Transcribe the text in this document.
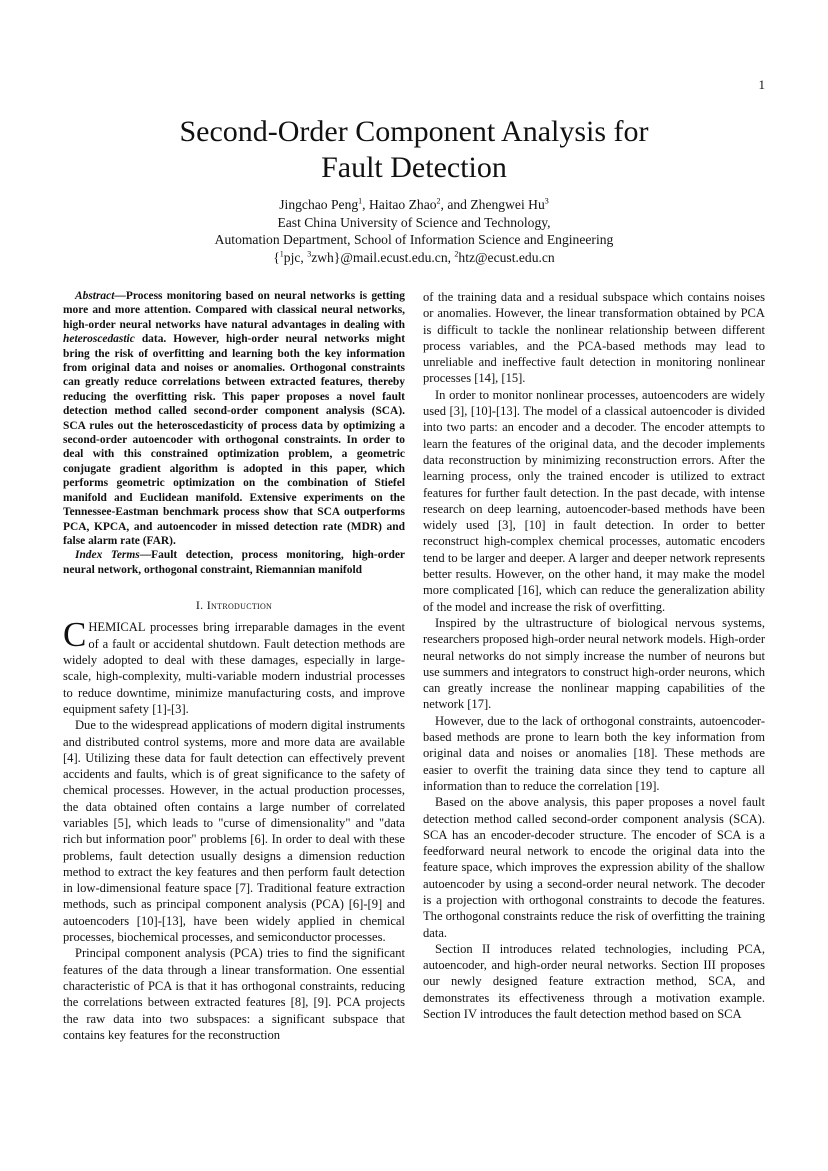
1
Second-Order Component Analysis for
Fault Detection
Jingchao Peng$^1$, Haitao Zhao$^2$, and Zhengwei Hu$^3$
East China University of Science and Technology,
Automation Department, School of Information Science and Engineering
{$^1$pjc, $^3$zwh}@mail.ecust.edu.cn, $^2$htz@ecust.edu.cn

Abstract—Process monitoring based on neural networks is getting more and more attention. Compared with classical neural networks, high-order neural networks have natural advantages in dealing with heteroscedastic data. However, high-order neural networks might bring the risk of overfitting and learning both the key information from original data and noises or anomalies. Orthogonal constraints can greatly reduce correlations between extracted features, thereby reducing the overfitting risk. This paper proposes a novel fault detection method called second-order component analysis (SCA). SCA rules out the heteroscedasticity of process data by optimizing a second-order autoencoder with orthogonal constraints. In order to deal with this constrained optimization problem, a geometric conjugate gradient algorithm is adopted in this paper, which performs geometric optimization on the combination of Stiefel manifold and Euclidean manifold. Extensive experiments on the Tennessee-Eastman benchmark process show that SCA outperforms PCA, KPCA, and autoencoder in missed detection rate (MDR) and false alarm rate (FAR).

Index Terms—Fault detection, process monitoring, high-order neural network, orthogonal constraint, Riemannian manifold

I. Introduction

CHEMICAL processes bring irreparable damages in the event of a fault or accidental shutdown. Fault detection methods are widely adopted to deal with these damages, especially in large-scale, high-complexity, multi-variable modern industrial processes to reduce downtime, minimize manufacturing costs, and improve equipment safety [1]-[3].

Due to the widespread applications of modern digital instruments and distributed control systems, more and more data are available [4]. Utilizing these data for fault detection can effectively prevent accidents and faults, which is of great significance to the safety of chemical processes. However, in the actual production processes, the data obtained often contains a large number of correlated variables [5], which leads to "curse of dimensionality" and "data rich but information poor" problems [6]. In order to deal with these problems, fault detection usually designs a dimension reduction method to extract the key features and then perform fault detection in low-dimensional feature space [7]. Traditional feature extraction methods, such as principal component analysis (PCA) [6]-[9] and autoencoders [10]-[13], have been widely applied in chemical processes, biochemical processes, and semiconductor processes.

Principal component analysis (PCA) tries to find the significant features of the data through a linear transformation. One essential characteristic of PCA is that it has orthogonal constraints, reducing the correlations between extracted features [8], [9]. PCA projects the raw data into two subspaces: a significant subspace that contains key features for the reconstruction

of the training data and a residual subspace which contains noises or anomalies. However, the linear transformation obtained by PCA is difficult to tackle the nonlinear relationship between different process variables, and the PCA-based methods may lead to unreliable and ineffective fault detection in monitoring nonlinear processes [14], [15].

In order to monitor nonlinear processes, autoencoders are widely used [3], [10]-[13]. The model of a classical autoencoder is divided into two parts: an encoder and a decoder. The encoder attempts to learn the features of the original data, and the decoder implements data reconstruction by minimizing reconstruction errors. After the learning process, only the trained encoder is utilized to extract features for further fault detection. In the past decade, with intense research on deep learning, autoencoder-based methods have been widely used [3], [10] in fault detection. In order to better reconstruct high-complex chemical processes, automatic encoders tend to be larger and deeper. A larger and deeper network represents better results. However, on the other hand, it may make the model more complicated [16], which can reduce the generalization ability of the model and increase the risk of overfitting.

Inspired by the ultrastructure of biological nervous systems, researchers proposed high-order neural network models. High-order neural networks do not simply increase the number of neurons but use summers and integrators to construct high-order neurons, which can greatly increase the nonlinear mapping capabilities of the network [17].

However, due to the lack of orthogonal constraints, autoencoder-based methods are prone to learn both the key information from original data and noises or anomalies [18]. These methods are easier to overfit the training data since they tend to capture all information than to reduce the correlation [19].

Based on the above analysis, this paper proposes a novel fault detection method called second-order component analysis (SCA). SCA has an encoder-decoder structure. The encoder of SCA is a feedforward neural network to encode the original data into the feature space, which improves the expression ability of the shallow autoencoder by using a second-order neural network. The decoder is a projection with orthogonal constraints to decode the features. The orthogonal constraints reduce the risk of overfitting the training data.

Section II introduces related technologies, including PCA, autoencoder, and high-order neural networks. Section III proposes our newly designed feature extraction method, SCA, and demonstrates its effectiveness through a motivation example. Section IV introduces the fault detection method based on SCA
